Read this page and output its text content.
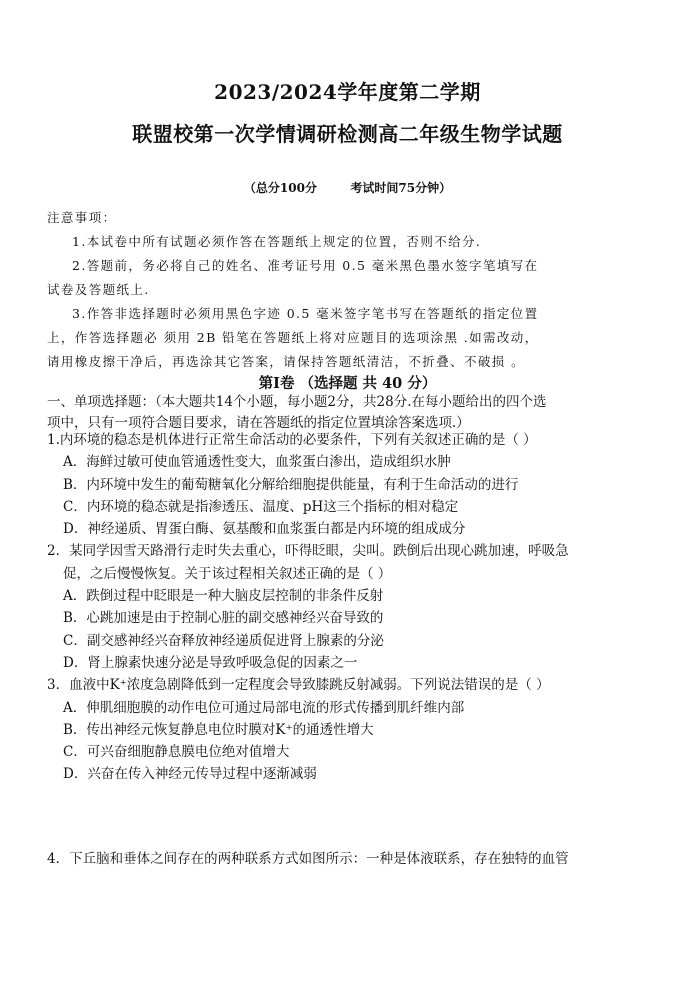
2023/2024学年度第二学期
联盟校第一次学情调研检测高二年级生物学试题
（总分100分        考试时间75分钟）

注意事项：

1.本试卷中所有试题必须作答在答题纸上规定的位置，否则不给分.

2.答题前，务必将自己的姓名、准考证号用 0.5 毫米黑色墨水签字笔填写在

试卷及答题纸上.

3.作答非选择题时必须用黑色字迹 0.5 毫米签字笔书写在答题纸的指定位置

上，作答选择题必 须用 2B 铅笔在答题纸上将对应题目的选项涂黑 .如需改动，

请用橡皮擦干净后，再选涂其它答案，请保持答题纸清洁，不折叠、不破损 。

第Ⅰ卷 （选择题 共 40 分）
一、单项选择题：（本大题共14个小题，每小题2分，共28分.在每小题给出的四个选
项中，只有一项符合题目要求，请在答题纸的指定位置填涂答案选项.）

1.内环境的稳态是机体进行正常生命活动的必要条件，下列有关叙述正确的是（ ）

A．海鲜过敏可使血管通透性变大，血浆蛋白渗出，造成组织水肿

B．内环境中发生的葡萄糖氧化分解给细胞提供能量，有利于生命活动的进行

C．内环境的稳态就是指渗透压、温度、pH这三个指标的相对稳定

D．神经递质、胃蛋白酶、氨基酸和血浆蛋白都是内环境的组成成分

2．某同学因雪天路滑行走时失去重心，吓得眨眼，尖叫。跌倒后出现心跳加速，呼吸急

促，之后慢慢恢复。关于该过程相关叙述正确的是（ ）

A．跌倒过程中眨眼是一种大脑皮层控制的非条件反射

B．心跳加速是由于控制心脏的副交感神经兴奋导致的

C．副交感神经兴奋释放神经递质促进肾上腺素的分泌

D．肾上腺素快速分泌是导致呼吸急促的因素之一

3．血液中K⁺浓度急剧降低到一定程度会导致膝跳反射减弱。下列说法错误的是（ ）

A．伸肌细胞膜的动作电位可通过局部电流的形式传播到肌纤维内部

B．传出神经元恢复静息电位时膜对K⁺的通透性增大

C．可兴奋细胞静息膜电位绝对值增大

D．兴奋在传入神经元传导过程中逐渐减弱

4．下丘脑和垂体之间存在的两种联系方式如图所示：一种是体液联系，存在独特的血管
